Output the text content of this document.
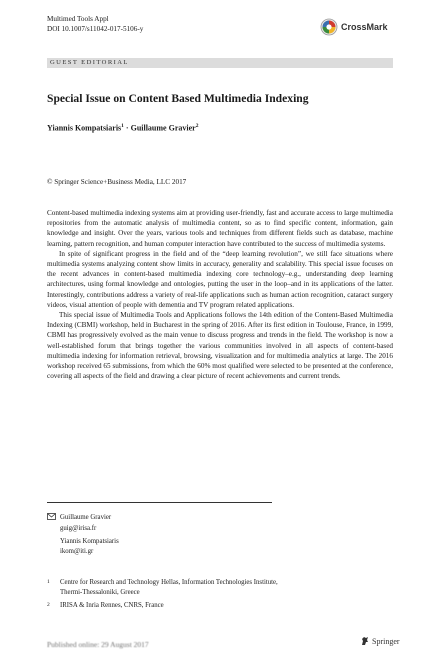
Multimed Tools Appl
DOI 10.1007/s11042-017-5106-y	CrossMark
GUEST EDITORIAL
Special Issue on Content Based Multimedia Indexing
Yiannis Kompatsiaris$^1$ · Guillaume Gravier$^2$
© Springer Science+Business Media, LLC 2017

Content-based multimedia indexing systems aim at providing user-friendly, fast and accurate access to large multimedia repositories from the automatic analysis of multimedia content, so as to find specific content, information, gain knowledge and insight. Over the years, various tools and techniques from different fields such as database, machine learning, pattern recognition, and human computer interaction have contributed to the success of multimedia systems.

In spite of significant progress in the field and of the “deep learning revolution”, we still face situations where multimedia systems analyzing content show limits in accuracy, generality and scalability. This special issue focuses on the recent advances in content-based multimedia indexing core technology–e.g., understanding deep learning architectures, using formal knowledge and ontologies, putting the user in the loop–and in its applications of the latter. Interestingly, contributions address a variety of real-life applications such as human action recognition, cataract surgery videos, visual attention of people with dementia and TV program related applications.

This special issue of Multimedia Tools and Applications follows the 14th edition of the Content-Based Multimedia Indexing (CBMI) workshop, held in Bucharest in the spring of 2016. After its first edition in Toulouse, France, in 1999, CBMI has progressively evolved as the main venue to discuss progress and trends in the field. The workshop is now a well-established forum that brings together the various communities involved in all aspects of content-based multimedia indexing for information retrieval, browsing, visualization and for multimedia analytics at large. The 2016 workshop received 65 submissions, from which the 60% most qualified were selected to be presented at the conference, covering all aspects of the field and drawing a clear picture of recent achievements and current trends.

Guillaume Gravier
guig@irisa.fr
Yiannis Kompatsiaris
ikom@iti.gr
1	Centre for Research and Technology Hellas, Information Technologies Institute,
Thermi-Thessaloniki, Greece
2	IRISA & Inria Rennes, CNRS, France
Published online: 29 August 2017	Springer
